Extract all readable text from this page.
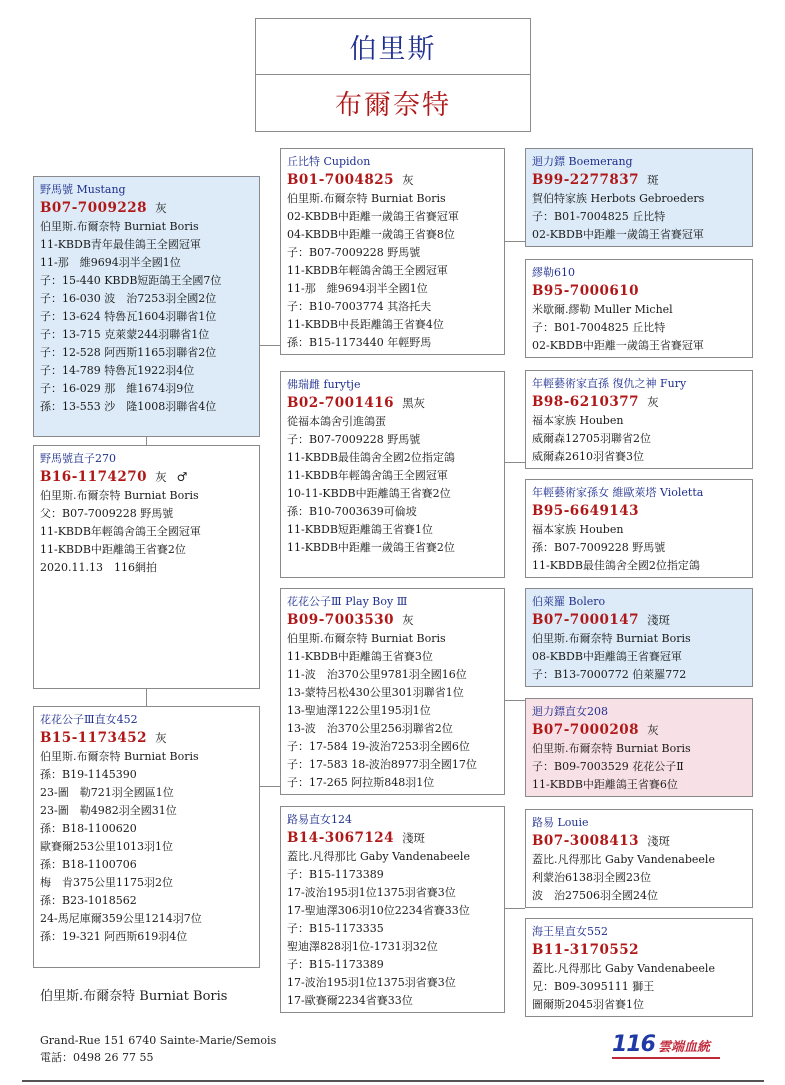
伯里斯
布爾奈特
野馬號直子270
B16-1174270 灰 ♂
伯里斯.布爾奈特 Burniat Boris
父：B07-7009228 野馬號
11-KBDB年輕鴿舍鴿王全國冠軍
11-KBDB中距離鴿王省賽2位
2020.11.13　116網拍
野馬號 Mustang
B07-7009228 灰
伯里斯.布爾奈特 Burniat Boris
11-KBDB青年最佳鴿王全國冠軍
11-那　維9694羽半全國1位
子：15-440 KBDB短距鴿王全國7位
子：16-030 波　治7253羽全國2位
子：13-624 特魯瓦1604羽聯省1位
子：13-715 克萊蒙244羽聯省1位
子：12-528 阿西斯1165羽聯省2位
子：14-789 特魯瓦1922羽4位
子：16-029 那　維1674羽9位
孫：13-553 沙　隆1008羽聯省4位
花花公子Ⅲ直女452
B15-1173452 灰
伯里斯.布爾奈特 Burniat Boris
孫：B19-1145390
23-圖　勒721羽全國區1位
23-圖　勒4982羽全國31位
孫：B18-1100620
歐賽爾253公里1013羽1位
孫：B18-1100706
梅　肯375公里1175羽2位
孫：B23-1018562
24-馬尼庫爾359公里1214羽7位
孫：19-321 阿西斯619羽4位
丘比特 Cupidon
B01-7004825 灰
伯里斯.布爾奈特 Burniat Boris
02-KBDB中距離一歲鴿王省賽冠軍
04-KBDB中距離一歲鴿王省賽8位
子：B07-7009228 野馬號
11-KBDB年輕鴿舍鴿王全國冠軍
11-那　維9694羽半全國1位
子：B10-7003774 其洛托夫
11-KBDB中長距離鴿王省賽4位
孫：B15-1173440 年輕野馬
佛瑞雌 furytje
B02-7001416 黑灰
從福本鴿舍引進鴿蛋
子：B07-7009228 野馬號
11-KBDB最佳鴿舍全國2位指定鴿
11-KBDB年輕鴿舍鴿王全國冠軍
10-11-KBDB中距離鴿王省賽2位
孫：B10-7003639可倫坡
11-KBDB短距離鴿王省賽1位
11-KBDB中距離一歲鴿王省賽2位
花花公子Ⅲ Play Boy Ⅲ
B09-7003530 灰
伯里斯.布爾奈特 Burniat Boris
11-KBDB中距離鴿王省賽3位
11-波　治370公里9781羽全國16位
13-蒙特呂松430公里301羽聯省1位
13-聖迪澤122公里195羽1位
13-波　治370公里256羽聯省2位
子：17-584 19-波治7253羽全國6位
子：17-583 18-波治8977羽全國17位
子：17-265 阿拉斯848羽1位
路易直女124
B14-3067124 淺斑
蓋比.凡得那比 Gaby Vandenabeele
子：B15-1173389
17-波治195羽1位1375羽省賽3位
17-聖迪澤306羽10位2234省賽33位
子：B15-1173335
聖迪澤828羽1位-1731羽32位
子：B15-1173389
17-波治195羽1位1375羽省賽3位
17-歐賽爾2234省賽33位
迴力鏢 Boemerang
B99-2277837 斑
賀伯特家族 Herbots Gebroeders
子：B01-7004825 丘比特
02-KBDB中距離一歲鴿王省賽冠軍
繆勒610
B95-7000610
米歇爾.繆勒 Muller Michel
子：B01-7004825 丘比特
02-KBDB中距離一歲鴿王省賽冠軍
年輕藝術家直孫 復仇之神 Fury
B98-6210377 灰
福本家族 Houben
威爾森12705羽聯省2位
威爾森2610羽省賽3位
年輕藝術家孫女 維歐萊塔 Violetta
B95-6649143
福本家族 Houben
孫：B07-7009228 野馬號
11-KBDB最佳鴿舍全國2位指定鴿
伯萊羅 Bolero
B07-7000147 淺斑
伯里斯.布爾奈特 Burniat Boris
08-KBDB中距離鴿王省賽冠軍
子：B13-7000772 伯萊羅772
迴力鏢直女208
B07-7000208 灰
伯里斯.布爾奈特 Burniat Boris
子：B09-7003529 花花公子Ⅱ
11-KBDB中距離鴿王省賽6位
路易 Louie
B07-3008413 淺斑
蓋比.凡得那比 Gaby Vandenabeele
利蒙治6138羽全國23位
波　治27506羽全國24位
海王星直女552
B11-3170552
蓋比.凡得那比 Gaby Vandenabeele
兄：B09-3095111 獅王
圖爾斯2045羽省賽1位
伯里斯.布爾奈特 Burniat Boris
Grand-Rue 151 6740 Sainte-Marie/Semois
電話：0498 26 77 55
116 雲端血統
